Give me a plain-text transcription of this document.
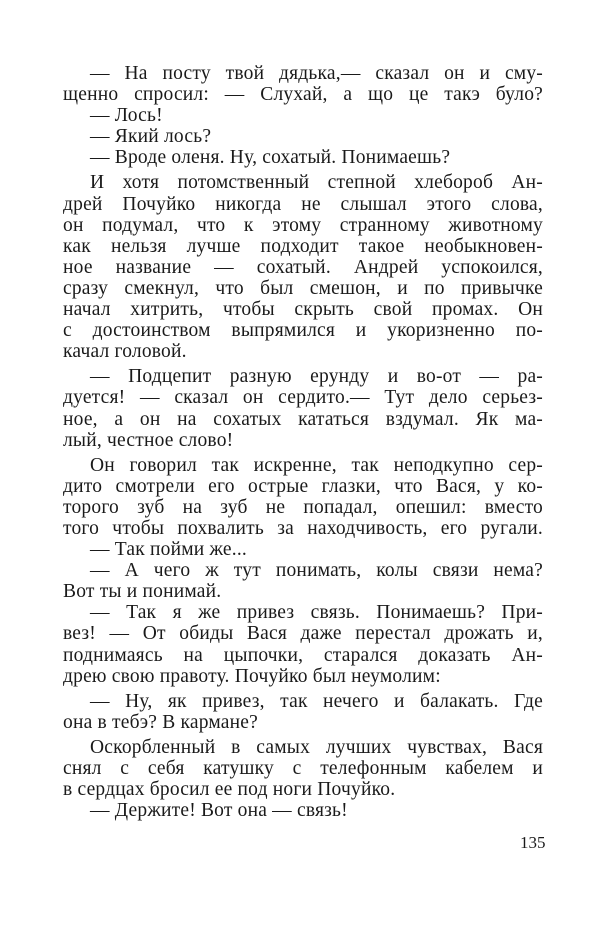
— На посту твой дядька,— сказал он и сму-
щенно спросил: — Слухай, а що це такэ було?
— Лось!
— Який лось?
— Вроде оленя. Ну, сохатый. Понимаешь?
И хотя потомственный степной хлебороб Ан-
дрей Почуйко никогда не слышал этого слова,
он подумал, что к этому странному животному
как нельзя лучше подходит такое необыкновен-
ное название — сохатый. Андрей успокоился,
сразу смекнул, что был смешон, и по привычке
начал хитрить, чтобы скрыть свой промах. Он
с достоинством выпрямился и укоризненно по-
качал головой.
— Подцепит разную ерунду и во-от — ра-
дуется! — сказал он сердито.— Тут дело серьез-
ное, а он на сохатых кататься вздумал. Як ма-
лый, честное слово!
Он говорил так искренне, так неподкупно сер-
дито смотрели его острые глазки, что Вася, у ко-
торого зуб на зуб не попадал, опешил: вместо
того чтобы похвалить за находчивость, его ругали.
— Так пойми же...
— А чего ж тут понимать, колы связи нема?
Вот ты и понимай.
— Так я же привез связь. Понимаешь? При-
вез! — От обиды Вася даже перестал дрожать и,
поднимаясь на цыпочки, старался доказать Ан-
дрею свою правоту. Почуйко был неумолим:
— Ну, як привез, так нечего и балакать. Где
она в тебэ? В кармане?
Оскорбленный в самых лучших чувствах, Вася
снял с себя катушку с телефонным кабелем и
в сердцах бросил ее под ноги Почуйко.
— Держите! Вот она — связь!
135
